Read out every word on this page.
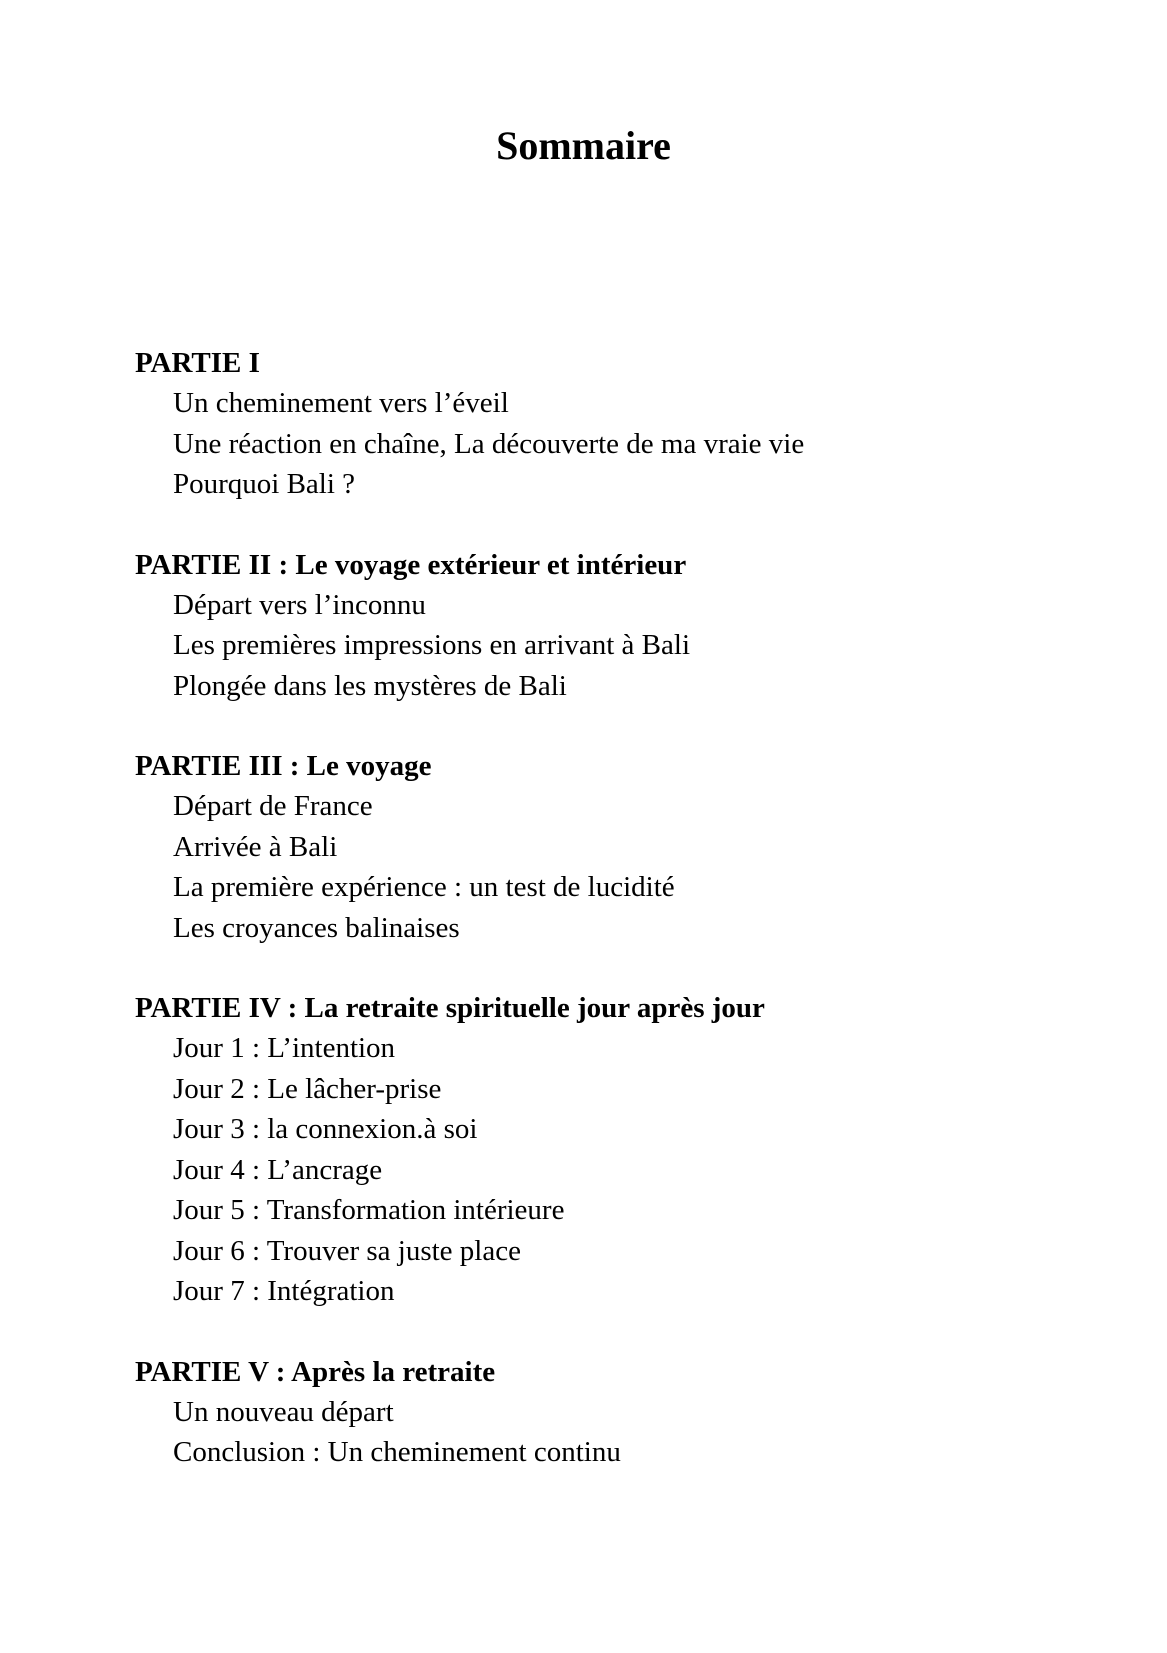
Sommaire
PARTIE I
Un cheminement vers l’éveil
Une réaction en chaîne, La découverte de ma vraie vie
Pourquoi Bali ?
PARTIE II : Le voyage extérieur et intérieur
Départ vers l’inconnu
Les premières impressions en arrivant à Bali
Plongée dans les mystères de Bali
PARTIE III : Le voyage
Départ de France
Arrivée à Bali
La première expérience : un test de lucidité
Les croyances balinaises
PARTIE IV : La retraite spirituelle jour après jour
Jour 1 : L’intention
Jour 2 : Le lâcher-prise
Jour 3 : la connexion.à soi
Jour 4 : L’ancrage
Jour 5 : Transformation intérieure
Jour 6 : Trouver sa juste place
Jour 7 : Intégration
PARTIE V : Après la retraite
Un nouveau départ
Conclusion : Un cheminement continu
